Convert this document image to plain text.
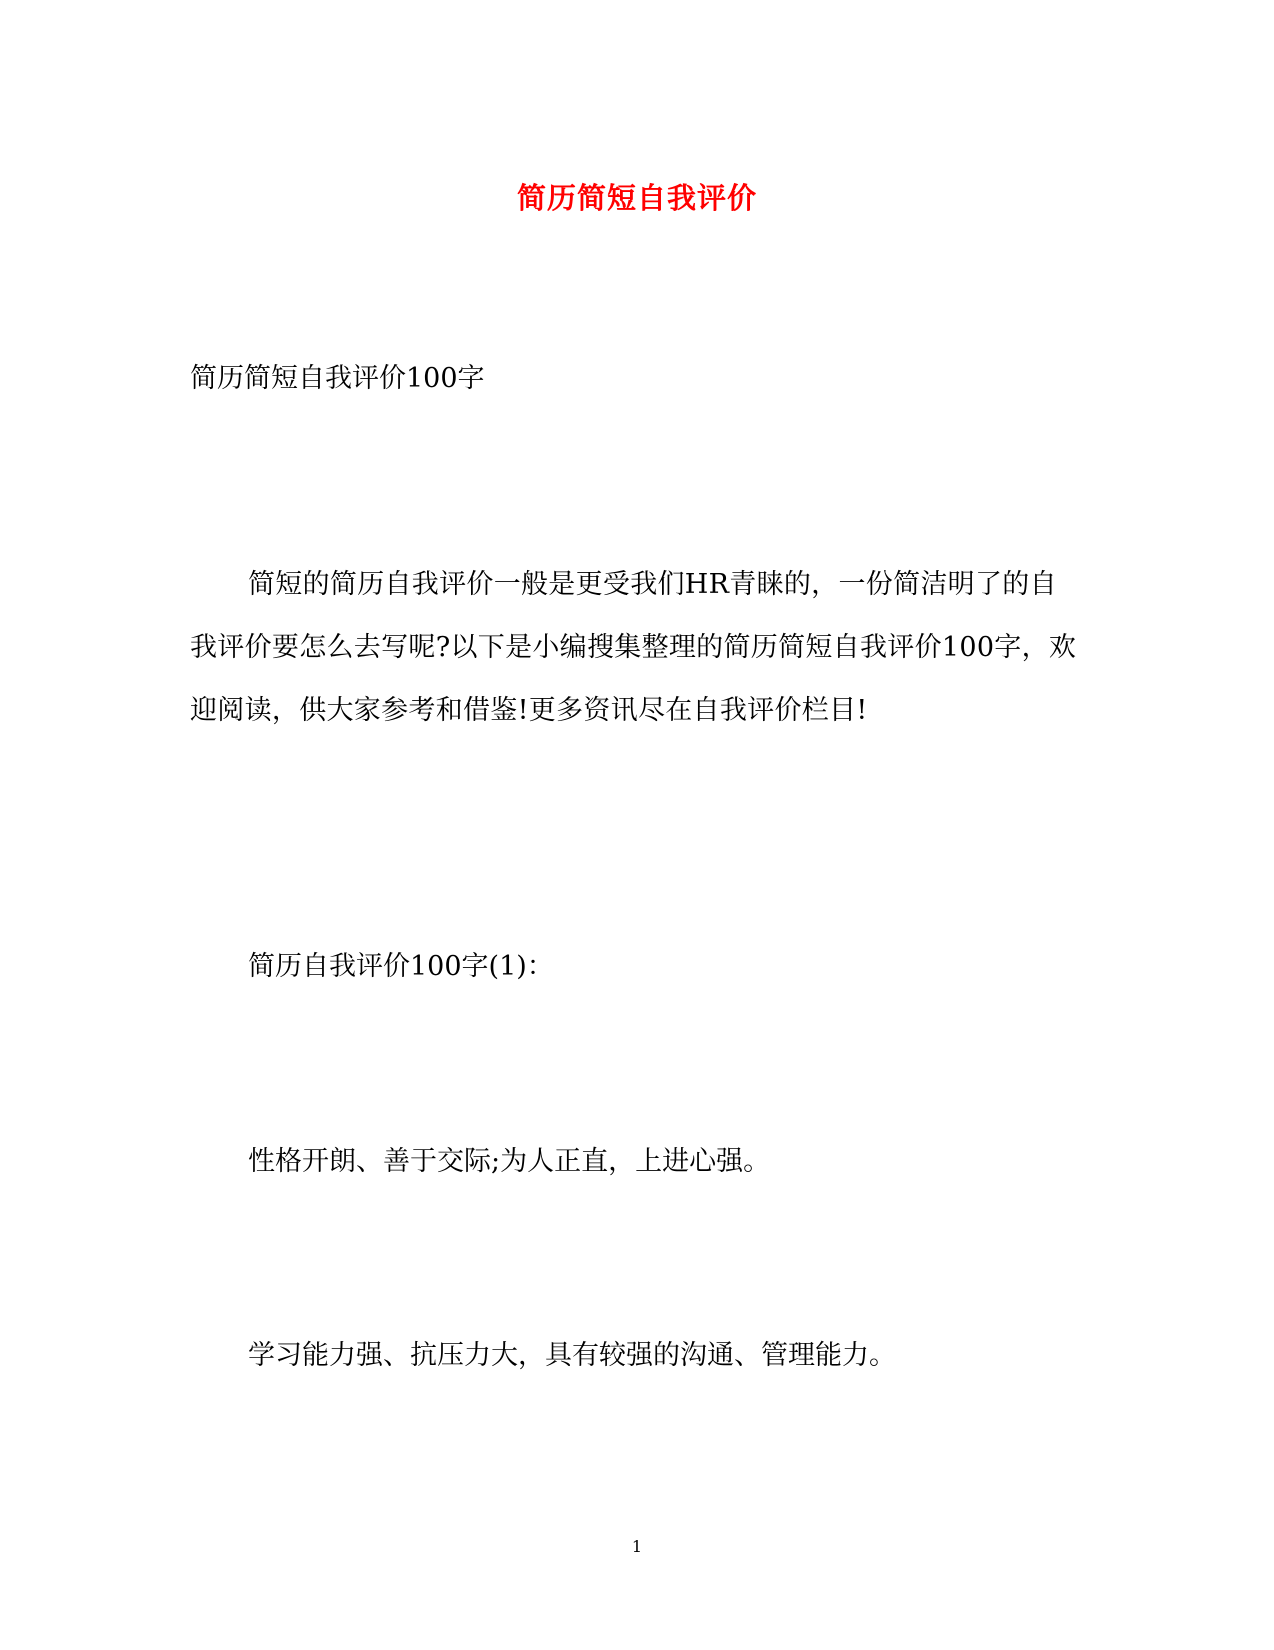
简历简短自我评价
简历简短自我评价100字
简短的简历自我评价一般是更受我们HR青睐的，一份简洁明了的自我评价要怎么去写呢?以下是小编搜集整理的简历简短自我评价100字，欢迎阅读，供大家参考和借鉴!更多资讯尽在自我评价栏目!
简历自我评价100字(1)：
性格开朗、善于交际;为人正直，上进心强。
学习能力强、抗压力大，具有较强的沟通、管理能力。
1
